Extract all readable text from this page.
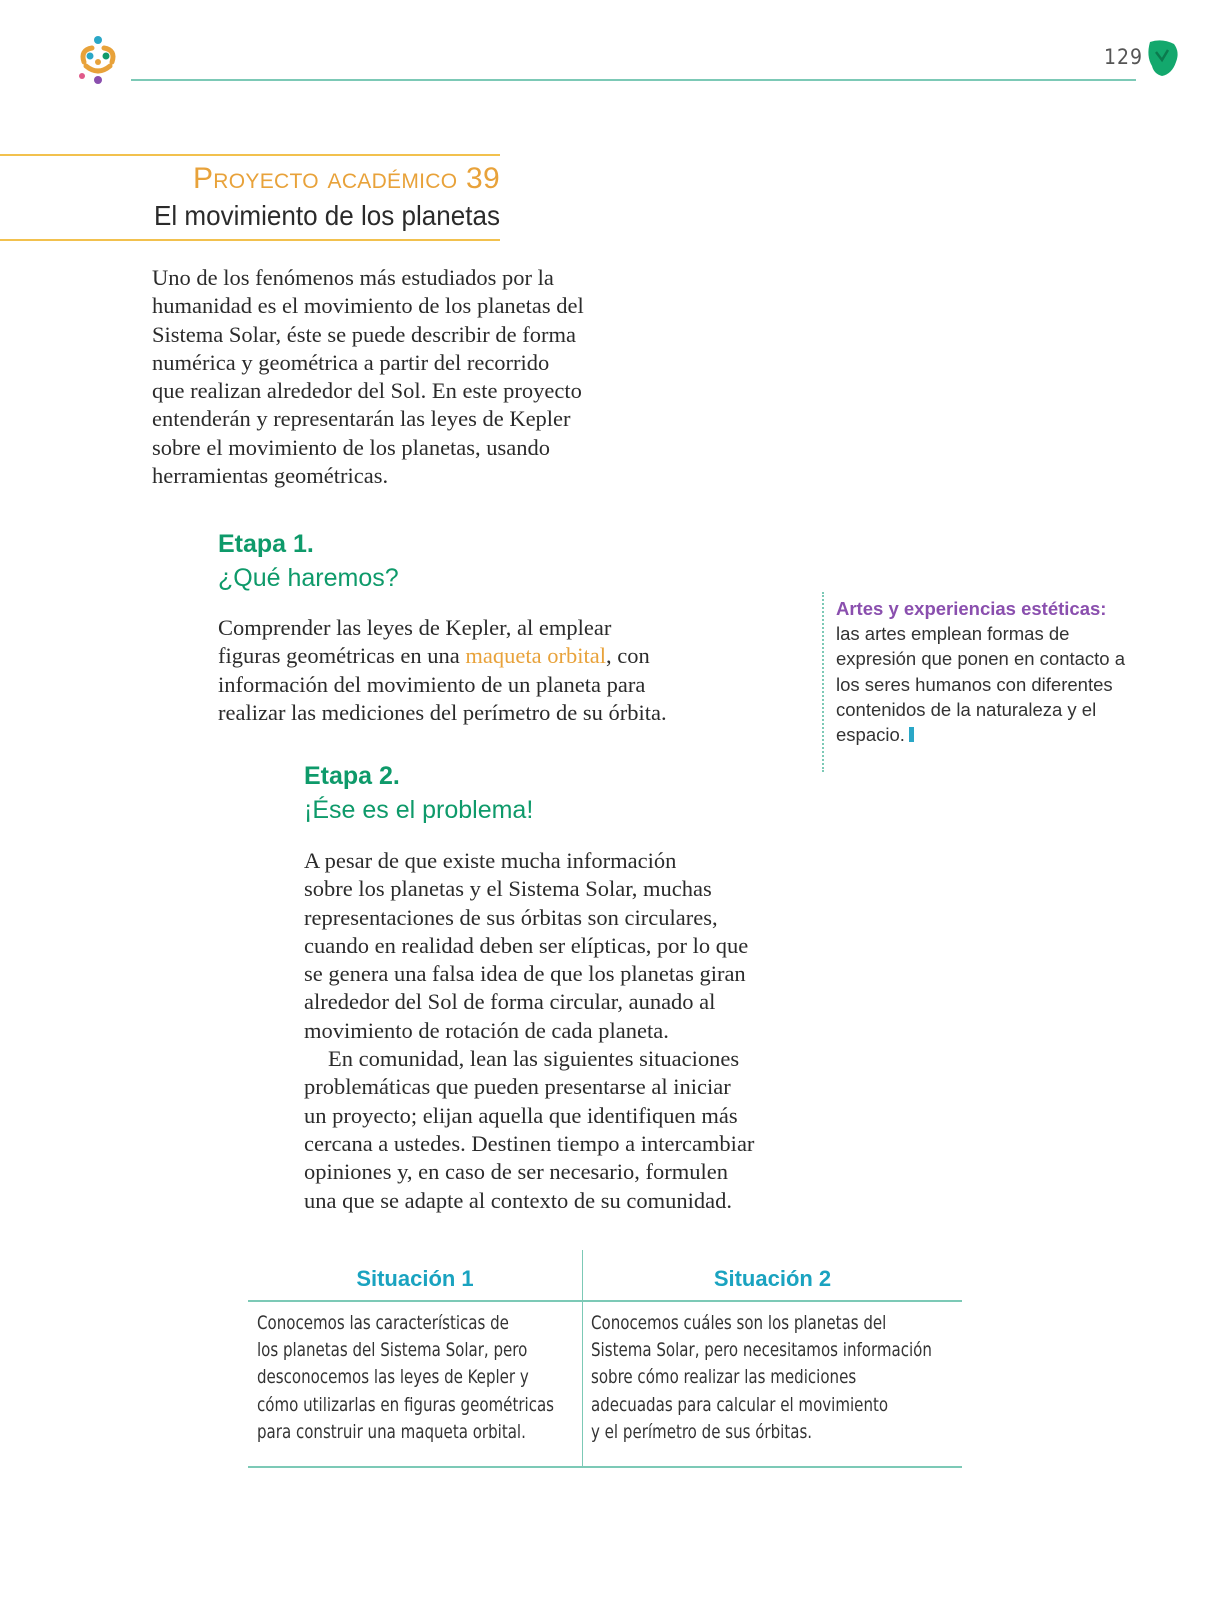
129
Proyecto académico 39
El movimiento de los planetas
Uno de los fenómenos más estudiados por la
humanidad es el movimiento de los planetas del
Sistema Solar, éste se puede describir de forma
numérica y geométrica a partir del recorrido
que realizan alrededor del Sol. En este proyecto
entenderán y representarán las leyes de Kepler
sobre el movimiento de los planetas, usando
herramientas geométricas.
Etapa 1.
¿Qué haremos?
Comprender las leyes de Kepler, al emplear
figuras geométricas en una maqueta orbital, con
información del movimiento de un planeta para
realizar las mediciones del perímetro de su órbita.
Artes y experiencias estéticas: las artes emplean formas de expresión que ponen en contacto a los seres humanos con diferentes contenidos de la naturaleza y el espacio.
Etapa 2.
¡Ése es el problema!
A pesar de que existe mucha información
sobre los planetas y el Sistema Solar, muchas
representaciones de sus órbitas son circulares,
cuando en realidad deben ser elípticas, por lo que
se genera una falsa idea de que los planetas giran
alrededor del Sol de forma circular, aunado al
movimiento de rotación de cada planeta.
En comunidad, lean las siguientes situaciones
problemáticas que pueden presentarse al iniciar
un proyecto; elijan aquella que identifiquen más
cercana a ustedes. Destinen tiempo a intercambiar
opiniones y, en caso de ser necesario, formulen
una que se adapte al contexto de su comunidad.
Situación 1	Situación 2
Conocemos las características de
los planetas del Sistema Solar, pero
desconocemos las leyes de Kepler y
cómo utilizarlas en figuras geométricas
para construir una maqueta orbital.
Conocemos cuáles son los planetas del
Sistema Solar, pero necesitamos información
sobre cómo realizar las mediciones
adecuadas para calcular el movimiento
y el perímetro de sus órbitas.
